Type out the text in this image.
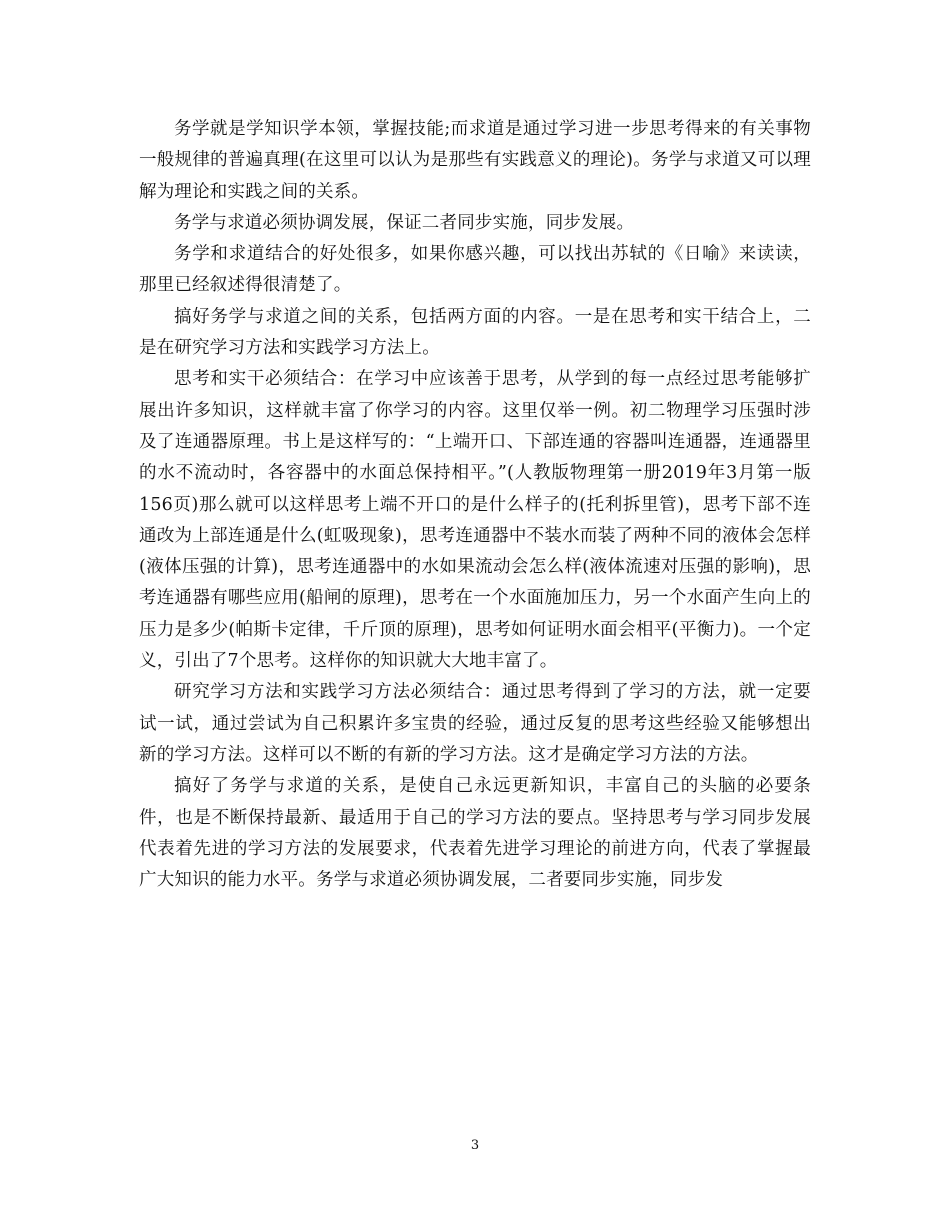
务学就是学知识学本领，掌握技能;而求道是通过学习进一步思考得来的有关事物一般规律的普遍真理(在这里可以认为是那些有实践意义的理论)。务学与求道又可以理解为理论和实践之间的关系。

务学与求道必须协调发展，保证二者同步实施，同步发展。

务学和求道结合的好处很多，如果你感兴趣，可以找出苏轼的《日喻》来读读，那里已经叙述得很清楚了。

搞好务学与求道之间的关系，包括两方面的内容。一是在思考和实干结合上，二是在研究学习方法和实践学习方法上。

思考和实干必须结合：在学习中应该善于思考，从学到的每一点经过思考能够扩展出许多知识，这样就丰富了你学习的内容。这里仅举一例。初二物理学习压强时涉及了连通器原理。书上是这样写的：“上端开口、下部连通的容器叫连通器，连通器里的水不流动时，各容器中的水面总保持相平。”(人教版物理第一册2019年3月第一版156页)那么就可以这样思考上端不开口的是什么样子的(托利拆里管)，思考下部不连通改为上部连通是什么(虹吸现象)，思考连通器中不装水而装了两种不同的液体会怎样(液体压强的计算)，思考连通器中的水如果流动会怎么样(液体流速对压强的影响)，思考连通器有哪些应用(船闸的原理)，思考在一个水面施加压力，另一个水面产生向上的压力是多少(帕斯卡定律，千斤顶的原理)，思考如何证明水面会相平(平衡力)。一个定义，引出了7个思考。这样你的知识就大大地丰富了。

研究学习方法和实践学习方法必须结合：通过思考得到了学习的方法，就一定要试一试，通过尝试为自己积累许多宝贵的经验，通过反复的思考这些经验又能够想出新的学习方法。这样可以不断的有新的学习方法。这才是确定学习方法的方法。

搞好了务学与求道的关系，是使自己永远更新知识，丰富自己的头脑的必要条件，也是不断保持最新、最适用于自己的学习方法的要点。坚持思考与学习同步发展代表着先进的学习方法的发展要求，代表着先进学习理论的前进方向，代表了掌握最广大知识的能力水平。务学与求道必须协调发展，二者要同步实施，同步发

3
